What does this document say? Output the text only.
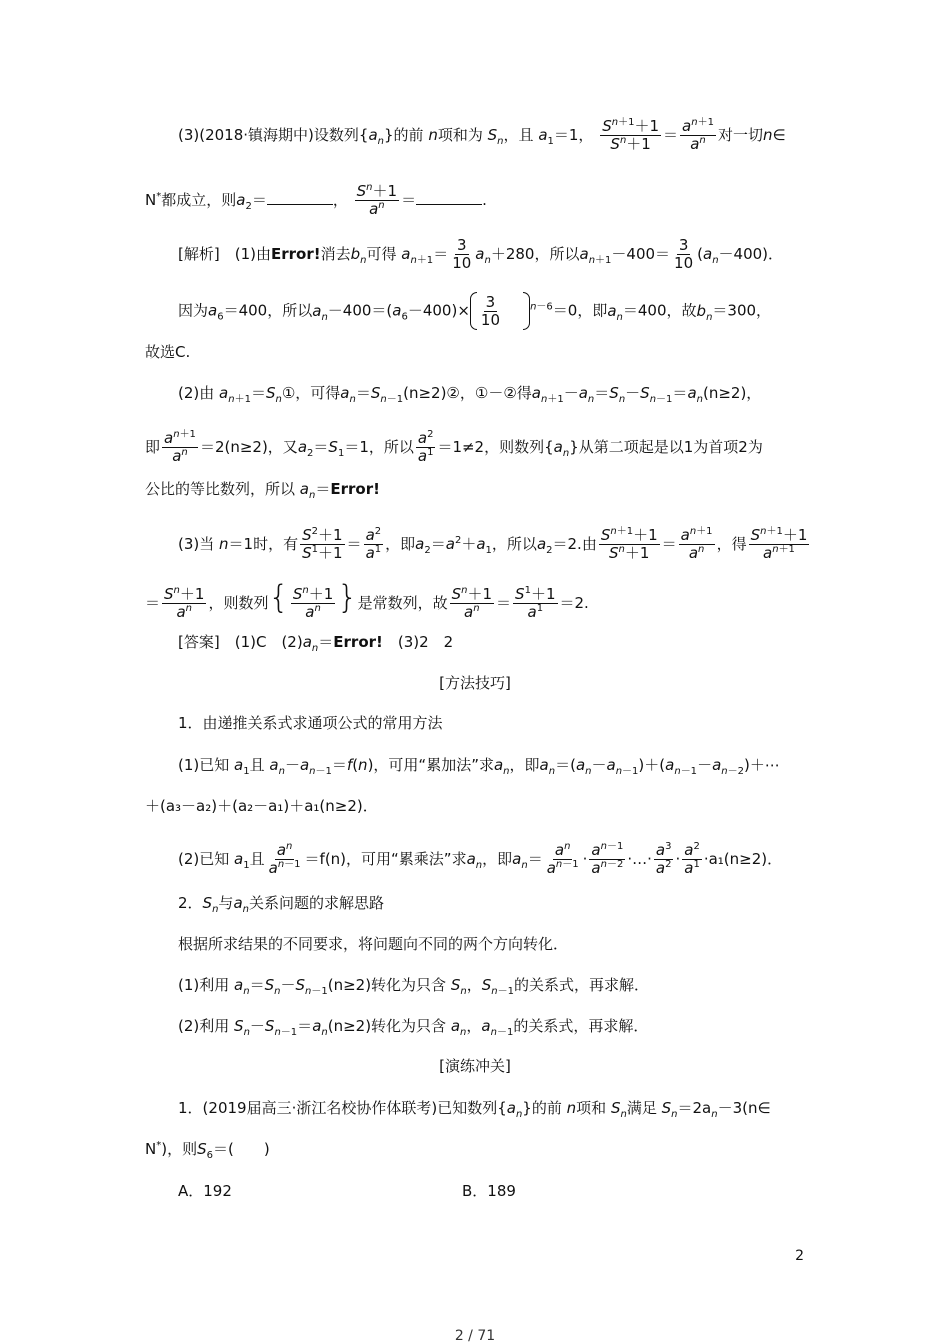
(3)(2018·镇海期中)设数列$\{a_n\}$的前 n项和为 $S_n$，且 $a_1=1$， $\frac{S^{n+1}+1}{S^n+1} = \frac{a^{n+1}}{a^n}$ 对一切n∈
N*都成立，则$a_2=$	， $\frac{S^n+1}{a^n}$ ＝	.
[解析]　 (1)由Error!消去$b_n$可得 $a_{n+1}= \frac{3}{10} a_n+280$，所以$a_{n+1}-400= \frac{3}{10} (a_n-400)$．
因为$a_6=400$，所以$a_n-400=(a_6-400)\times 3$
10

$^{n-6}$＝0，即$a_n=400$，故$b_n=300$，
故选C.
(2)由 $a_{n+1}=S_n①$，可得$a_n=S_{n-1}(n\ge 2)②$，①－②得$a_{n+1}-a_n=S_n-S_{n-1}=a_n(n\ge 2)$，
即 $\frac{a^{n+1}}{a^n} =2(n\ge 2)$，又$a_2=S_1=1$，所以 $\frac{a^2}{a^1} =1\ne 2$，则数列$\{a_n\}$从第二项起是以1为首项2为
公比的等比数列，所以 $a_n=Error$!
(3)当 n＝1时，有 $\frac{S^2+1}{S^1+1} = \frac{a^2}{a^1}$ ，即$a_2=a^2+a_1$，所以$a_2=2$.由 $\frac{S^{n+1}+1}{S^n+1} = \frac{a^{n+1}}{a^n}$ ，得 $\frac{S^{n+1}+1}{a^{n+1}}$
＝ $\frac{S^n+1}{a^n}$ ，则数列{ $\frac{S^n+1}{a^n}$ }是常数列，故 $\frac{S^n+1}{a^n} = \frac{S^1+1}{a^1} =2$.
[答案]　 (1)C　$(2)a_n=Error$!　 (3)2　2
[方法技巧]
1．由递推关系式求通项公式的常用方法
(1)已知 $a_1$且 $a_n-a_{n-1}=f(n)$，可用“累加法”求$a_n$，即$a_n=(a_n-a_{n-1})+(a_{n-1}-a_{n-2})+\cdots$
＋(a₃－a₂)＋(a₂－a₁)＋a₁(n≥2)．
(2)已知 $a_1$且 $\frac{a^n}{a^{n-1}} =f(n)$，可用“累乘法”求$a_n$，即$a_n= \frac{a^n}{a^{n-1}} \cdot \frac{a^{n-1}}{a^{n-2}}$ ·…· $\frac{a^3}{a^2} \cdot \frac{a^2}{a^1} \cdot a_1(n\ge 2)$．
2．$S_n$与$a_n$关系问题的求解思路
根据所求结果的不同要求，将问题向不同的两个方向转化．
(1)利用 $a_n=S_n-S_{n-1}(n\ge 2)$转化为只含 $S_n$，$S_{n-1}$的关系式，再求解．
(2)利用 $S_n-S_{n-1}=a_n(n\ge 2)$转化为只含 $a_n$，$a_{n-1}$的关系式，再求解．
[演练冲关]
1．(2019届高三·浙江名校协作体联考)已知数列$\{a_n\}$的前 n项和 $S_n$满足 $S_n=2a_n-3(n\in$
N*)，则$S_6=$(　　)
A．192	B．189
2
2 / 71
